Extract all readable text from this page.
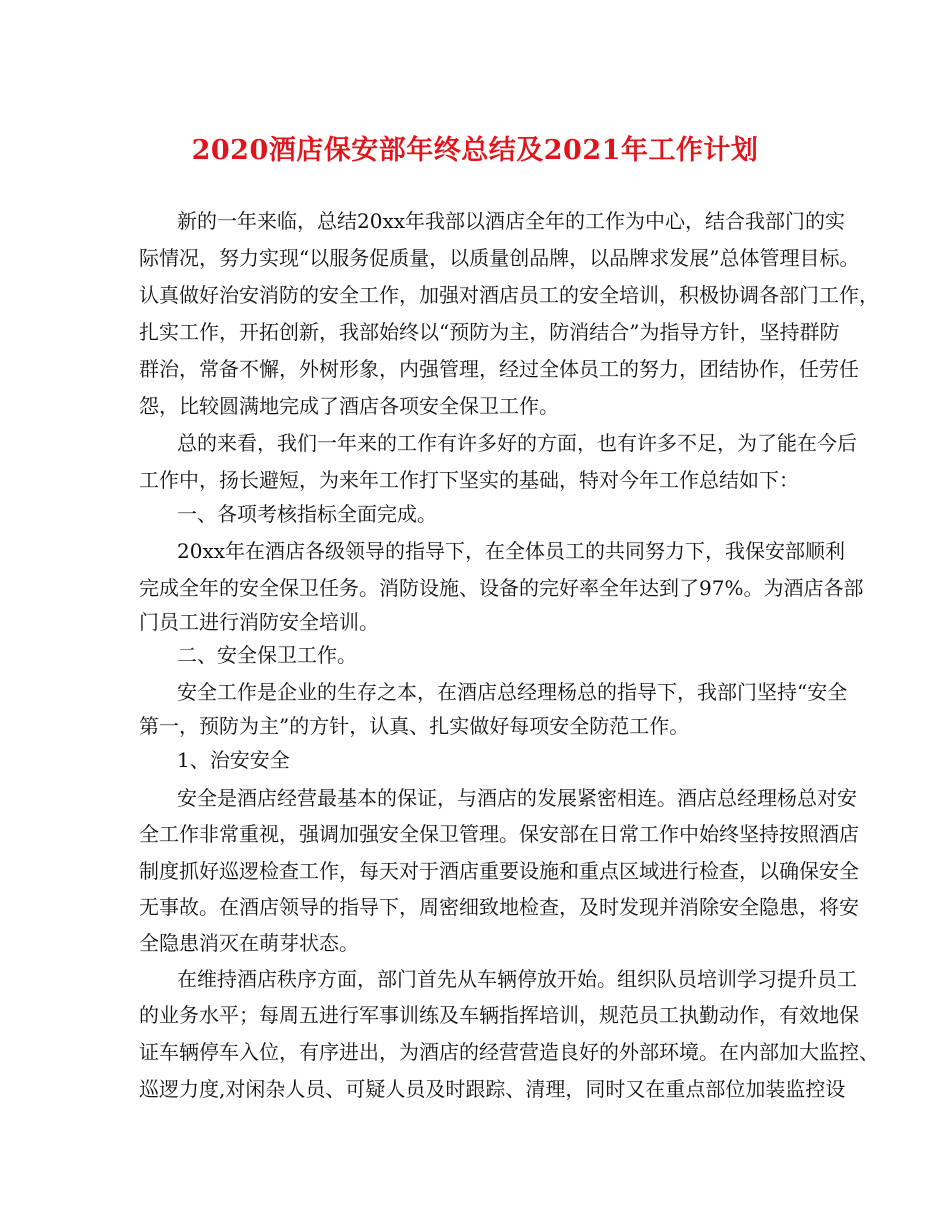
2020酒店保安部年终总结及2021年工作计划
新的一年来临，总结20xx年我部以酒店全年的工作为中心，结合我部门的实
际情况，努力实现“以服务促质量，以质量创品牌，以品牌求发展”总体管理目标。
认真做好治安消防的安全工作，加强对酒店员工的安全培训，积极协调各部门工作，
扎实工作，开拓创新，我部始终以“预防为主，防消结合”为指导方针，坚持群防
群治，常备不懈，外树形象，内强管理，经过全体员工的努力，团结协作，任劳任
怨，比较圆满地完成了酒店各项安全保卫工作。
总的来看，我们一年来的工作有许多好的方面，也有许多不足，为了能在今后
工作中，扬长避短，为来年工作打下坚实的基础，特对今年工作总结如下：
一、各项考核指标全面完成。
20xx年在酒店各级领导的指导下，在全体员工的共同努力下，我保安部顺利
完成全年的安全保卫任务。消防设施、设备的完好率全年达到了97%。为酒店各部
门员工进行消防安全培训。
二、安全保卫工作。
安全工作是企业的生存之本，在酒店总经理杨总的指导下，我部门坚持“安全
第一，预防为主”的方针，认真、扎实做好每项安全防范工作。
1、治安安全
安全是酒店经营最基本的保证，与酒店的发展紧密相连。酒店总经理杨总对安
全工作非常重视，强调加强安全保卫管理。保安部在日常工作中始终坚持按照酒店
制度抓好巡逻检查工作，每天对于酒店重要设施和重点区域进行检查，以确保安全
无事故。在酒店领导的指导下，周密细致地检查，及时发现并消除安全隐患，将安
全隐患消灭在萌芽状态。
在维持酒店秩序方面，部门首先从车辆停放开始。组织队员培训学习提升员工
的业务水平；每周五进行军事训练及车辆指挥培训，规范员工执勤动作，有效地保
证车辆停车入位，有序进出，为酒店的经营营造良好的外部环境。在内部加大监控、
巡逻力度,对闲杂人员、可疑人员及时跟踪、清理，同时又在重点部位加装监控设
